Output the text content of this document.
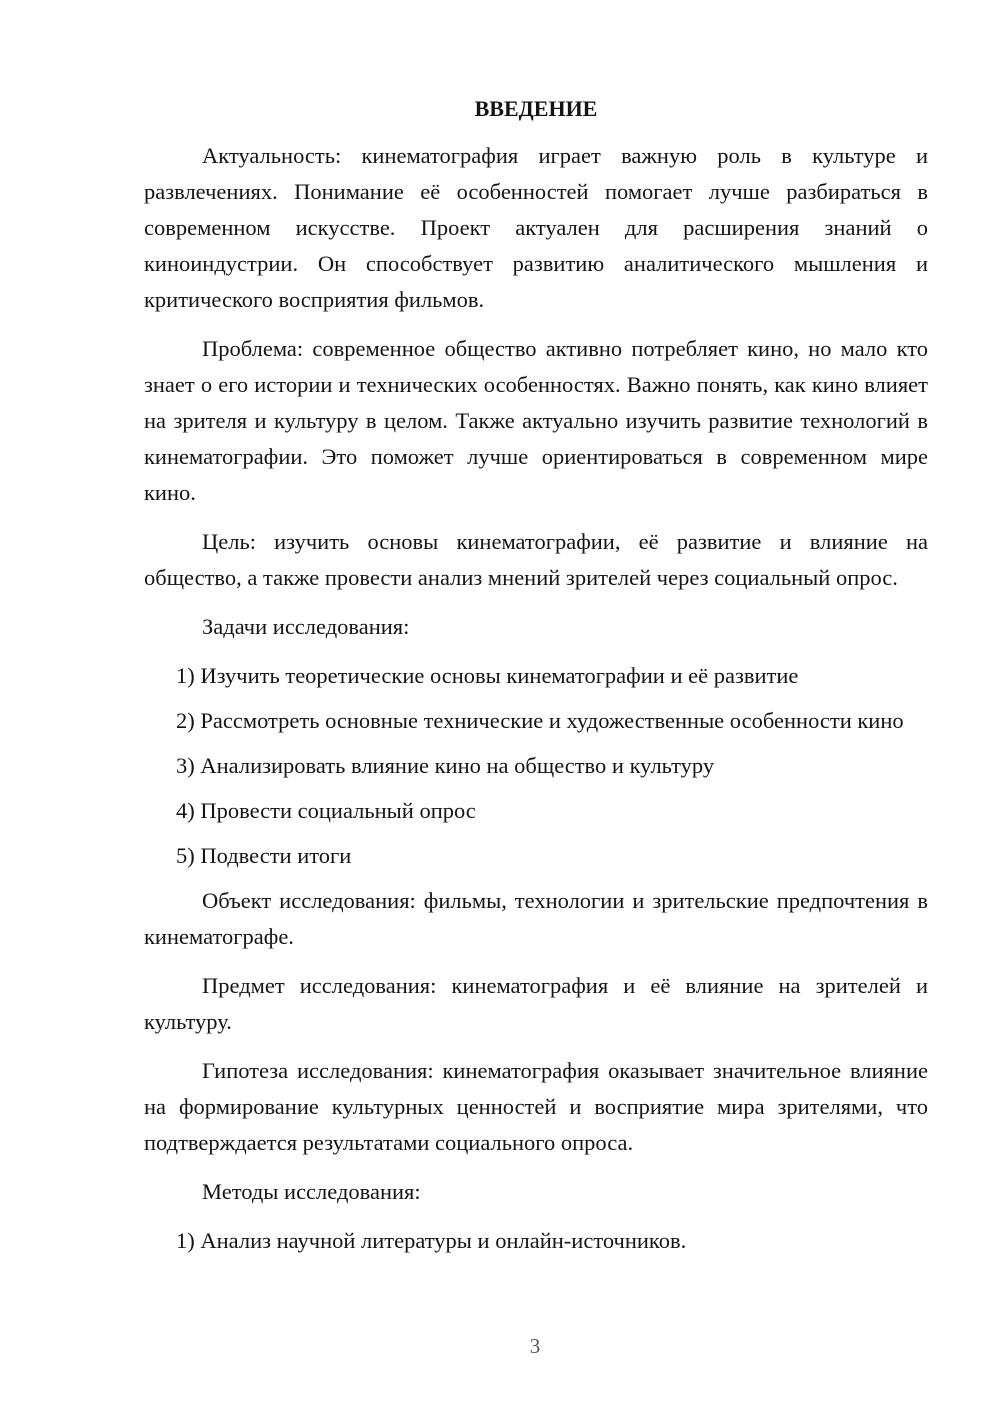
ВВЕДЕНИЕ

Актуальность: кинематография играет важную роль в культуре и развлечениях. Понимание её особенностей помогает лучше разбираться в современном искусстве. Проект актуален для расширения знаний о киноиндустрии. Он способствует развитию аналитического мышления и критического восприятия фильмов.

Проблема: современное общество активно потребляет кино, но мало кто знает о его истории и технических особенностях. Важно понять, как кино влияет на зрителя и культуру в целом. Также актуально изучить развитие технологий в кинематографии. Это поможет лучше ориентироваться в современном мире кино.

Цель: изучить основы кинематографии, её развитие и влияние на общество, а также провести анализ мнений зрителей через социальный опрос.

Задачи исследования:

1) Изучить теоретические основы кинематографии и её развитие

2) Рассмотреть основные технические и художественные особенности кино

3) Анализировать влияние кино на общество и культуру

4) Провести социальный опрос

5) Подвести итоги

Объект исследования: фильмы, технологии и зрительские предпочтения в кинематографе.

Предмет исследования: кинематография и её влияние на зрителей и культуру.

Гипотеза исследования: кинематография оказывает значительное влияние на формирование культурных ценностей и восприятие мира зрителями, что подтверждается результатами социального опроса.

Методы исследования:

1) Анализ научной литературы и онлайн-источников.

3
